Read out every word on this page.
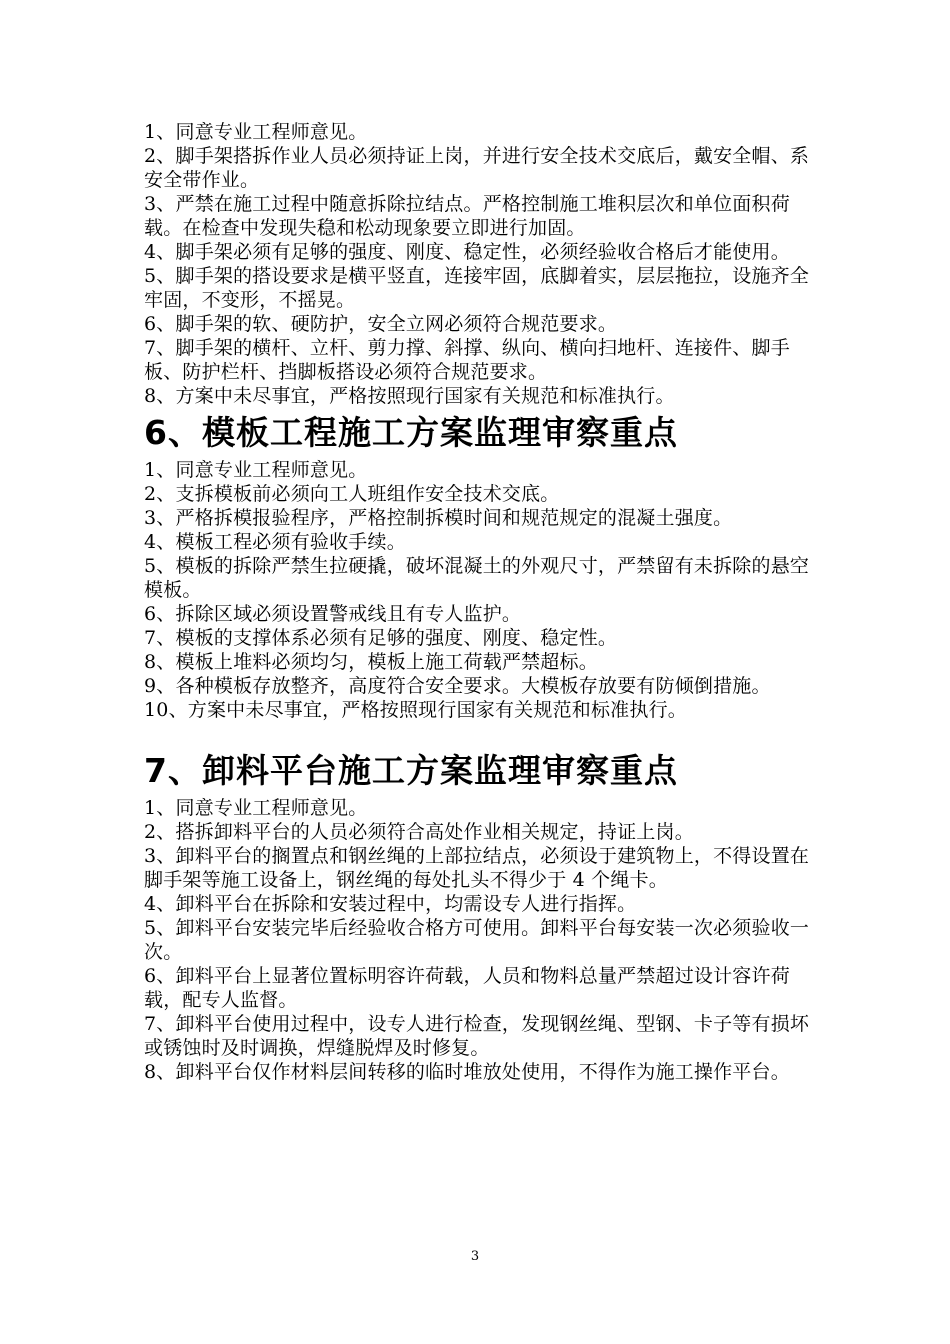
1、同意专业工程师意见。

2、脚手架搭拆作业人员必须持证上岗，并进行安全技术交底后，戴安全帽、系安全带作业。

3、严禁在施工过程中随意拆除拉结点。严格控制施工堆积层次和单位面积荷载。在检查中发现失稳和松动现象要立即进行加固。

4、脚手架必须有足够的强度、刚度、稳定性，必须经验收合格后才能使用。

5、脚手架的搭设要求是横平竖直，连接牢固，底脚着实，层层拖拉，设施齐全牢固，不变形，不摇晃。

6、脚手架的软、硬防护，安全立网必须符合规范要求。

7、脚手架的横杆、立杆、剪力撑、斜撑、纵向、横向扫地杆、连接件、脚手板、防护栏杆、挡脚板搭设必须符合规范要求。

8、方案中未尽事宜，严格按照现行国家有关规范和标准执行。

6、模板工程施工方案监理审察重点

1、同意专业工程师意见。

2、支拆模板前必须向工人班组作安全技术交底。

3、严格拆模报验程序，严格控制拆模时间和规范规定的混凝土强度。

4、模板工程必须有验收手续。

5、模板的拆除严禁生拉硬撬，破坏混凝土的外观尺寸，严禁留有未拆除的悬空模板。

6、拆除区域必须设置警戒线且有专人监护。

7、模板的支撑体系必须有足够的强度、刚度、稳定性。

8、模板上堆料必须均匀，模板上施工荷载严禁超标。

9、各种模板存放整齐，高度符合安全要求。大模板存放要有防倾倒措施。

10、方案中未尽事宜，严格按照现行国家有关规范和标准执行。

7、卸料平台施工方案监理审察重点

1、同意专业工程师意见。

2、搭拆卸料平台的人员必须符合高处作业相关规定，持证上岗。

3、卸料平台的搁置点和钢丝绳的上部拉结点，必须设于建筑物上，不得设置在脚手架等施工设备上，钢丝绳的每处扎头不得少于 4 个绳卡。

4、卸料平台在拆除和安装过程中，均需设专人进行指挥。

5、卸料平台安装完毕后经验收合格方可使用。卸料平台每安装一次必须验收一次。

6、卸料平台上显著位置标明容许荷载，人员和物料总量严禁超过设计容许荷载，配专人监督。

7、卸料平台使用过程中，设专人进行检查，发现钢丝绳、型钢、卡子等有损坏或锈蚀时及时调换，焊缝脱焊及时修复。

8、卸料平台仅作材料层间转移的临时堆放处使用，不得作为施工操作平台。

3
